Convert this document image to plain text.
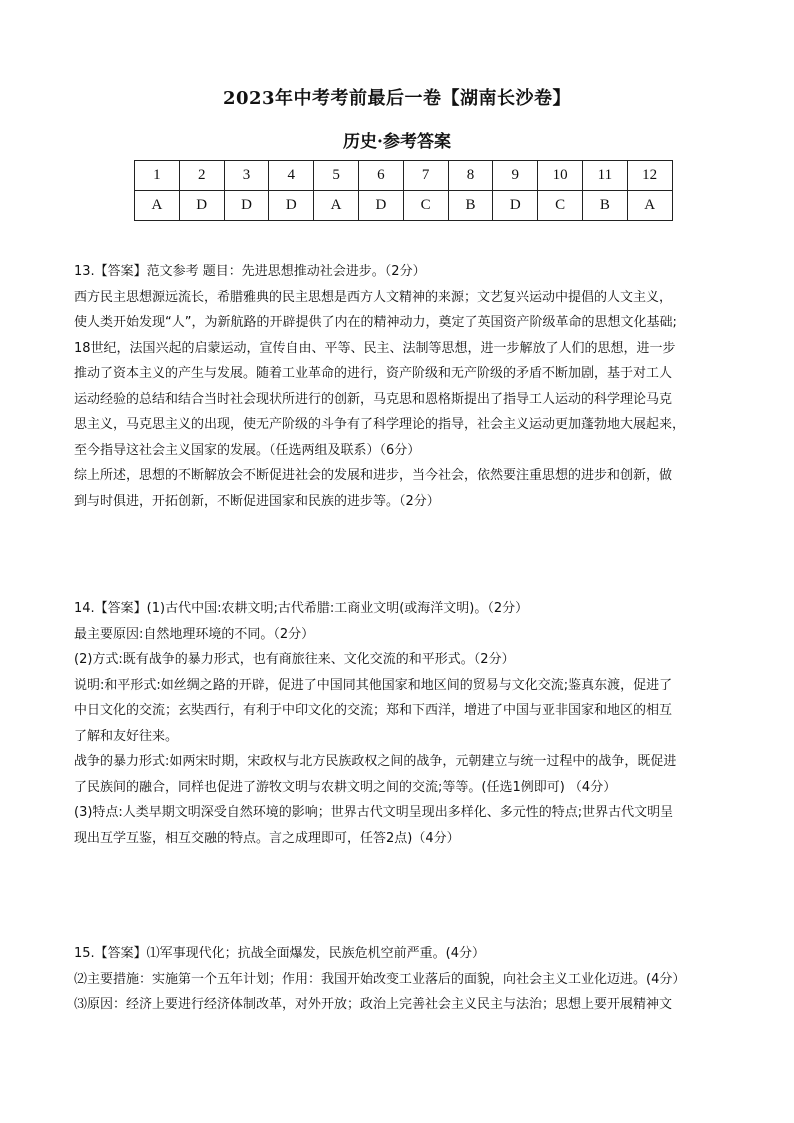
2023年中考考前最后一卷【湖南长沙卷】
历史·参考答案
1	2	3	4	5	6	7	8	9	10	11	12
A	D	D	D	A	D	C	B	D	C	B	A

13.【答案】范文参考 题目：先进思想推动社会进步。（2分）

西方民主思想源远流长，希腊雅典的民主思想是西方人文精神的来源；文艺复兴运动中提倡的人文主义，

使人类开始发现“人”，为新航路的开辟提供了内在的精神动力，奠定了英国资产阶级革命的思想文化基础;

18世纪，法国兴起的启蒙运动，宣传自由、平等、民主、法制等思想，进一步解放了人们的思想，进一步

推动了资本主义的产生与发展。随着工业革命的进行，资产阶级和无产阶级的矛盾不断加剧，基于对工人

运动经验的总结和结合当时社会现状所进行的创新，马克思和恩格斯提出了指导工人运动的科学理论马克

思主义，马克思主义的出现，使无产阶级的斗争有了科学理论的指导，社会主义运动更加蓬勃地大展起来，

至今指导这社会主义国家的发展。（任选两组及联系）（6分）

综上所述，思想的不断解放会不断促进社会的发展和进步，当今社会，依然要注重思想的进步和创新，做

到与时俱进，开拓创新，不断促进国家和民族的进步等。（2分）

14.【答案】(1)古代中国:农耕文明;古代希腊:工商业文明(或海洋文明)。（2分）

最主要原因:自然地理环境的不同。（2分）

(2)方式:既有战争的暴力形式，也有商旅往来、文化交流的和平形式。（2分）

说明:和平形式:如丝绸之路的开辟，促进了中国同其他国家和地区间的贸易与文化交流;鉴真东渡，促进了

中日文化的交流；玄奘西行，有利于中印文化的交流；郑和下西洋，增进了中国与亚非国家和地区的相互

了解和友好往来。

战争的暴力形式:如两宋时期，宋政权与北方民族政权之间的战争，元朝建立与统一过程中的战争，既促进

了民族间的融合，同样也促进了游牧文明与农耕文明之间的交流;等等。(任选1例即可) （4分）

(3)特点:人类早期文明深受自然环境的影响；世界古代文明呈现出多样化、多元性的特点;世界古代文明呈

现出互学互鉴，相互交融的特点。言之成理即可，任答2点)（4分）

15.【答案】⑴军事现代化；抗战全面爆发，民族危机空前严重。(4分）

⑵主要措施：实施第一个五年计划；作用：我国开始改变工业落后的面貌，向社会主义工业化迈进。(4分）

⑶原因：经济上要进行经济体制改革，对外开放；政治上完善社会主义民主与法治；思想上要开展精神文
